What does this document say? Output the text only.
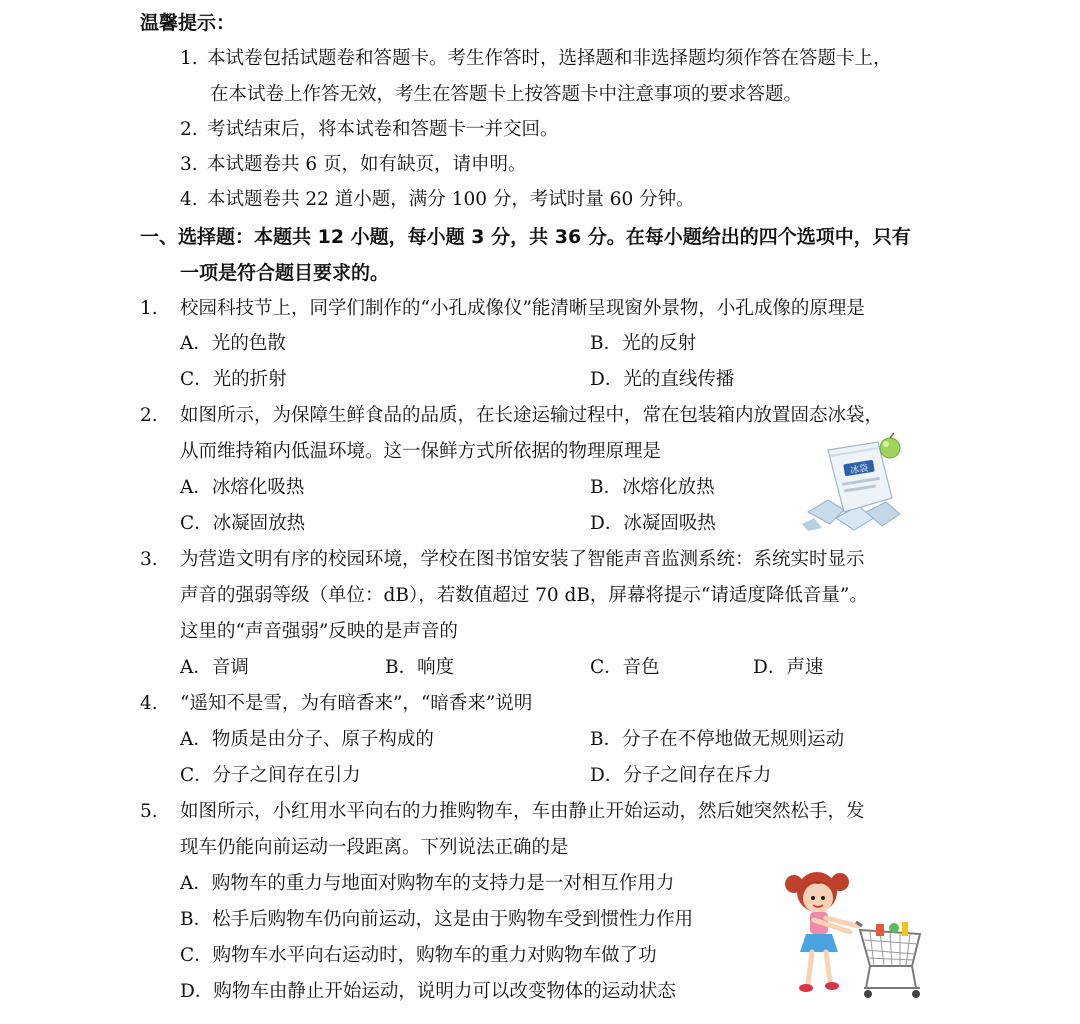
温馨提示：
1. 本试卷包括试题卷和答题卡。考生作答时，选择题和非选择题均须作答在答题卡上，
在本试卷上作答无效，考生在答题卡上按答题卡中注意事项的要求答题。
2. 考试结束后，将本试卷和答题卡一并交回。
3. 本试题卷共 6 页，如有缺页，请申明。
4. 本试题卷共 22 道小题，满分 100 分，考试时量 60 分钟。
一、选择题：本题共 12 小题，每小题 3 分，共 36 分。在每小题给出的四个选项中，只有
一项是符合题目要求的。
1. 校园科技节上，同学们制作的“小孔成像仪”能清晰呈现窗外景物，小孔成像的原理是
A．光的色散	B．光的反射
C．光的折射	D．光的直线传播
2. 如图所示，为保障生鲜食品的品质，在长途运输过程中，常在包装箱内放置固态冰袋，
从而维持箱内低温环境。这一保鲜方式所依据的物理原理是
A．冰熔化吸热	B．冰熔化放热
C．冰凝固放热	D．冰凝固吸热
冰袋
3. 为营造文明有序的校园环境，学校在图书馆安装了智能声音监测系统：系统实时显示
声音的强弱等级（单位：dB），若数值超过 70 dB，屏幕将提示“请适度降低音量”。
这里的“声音强弱”反映的是声音的
A．音调	B．响度	C．音色	D．声速
4. “遥知不是雪，为有暗香来”，“暗香来”说明
A．物质是由分子、原子构成的	B．分子在不停地做无规则运动
C．分子之间存在引力	D．分子之间存在斥力
5. 如图所示，小红用水平向右的力推购物车，车由静止开始运动，然后她突然松手，发
现车仍能向前运动一段距离。下列说法正确的是
A．购物车的重力与地面对购物车的支持力是一对相互作用力
B．松手后购物车仍向前运动，这是由于购物车受到惯性力作用
C．购物车水平向右运动时，购物车的重力对购物车做了功
D．购物车由静止开始运动，说明力可以改变物体的运动状态
